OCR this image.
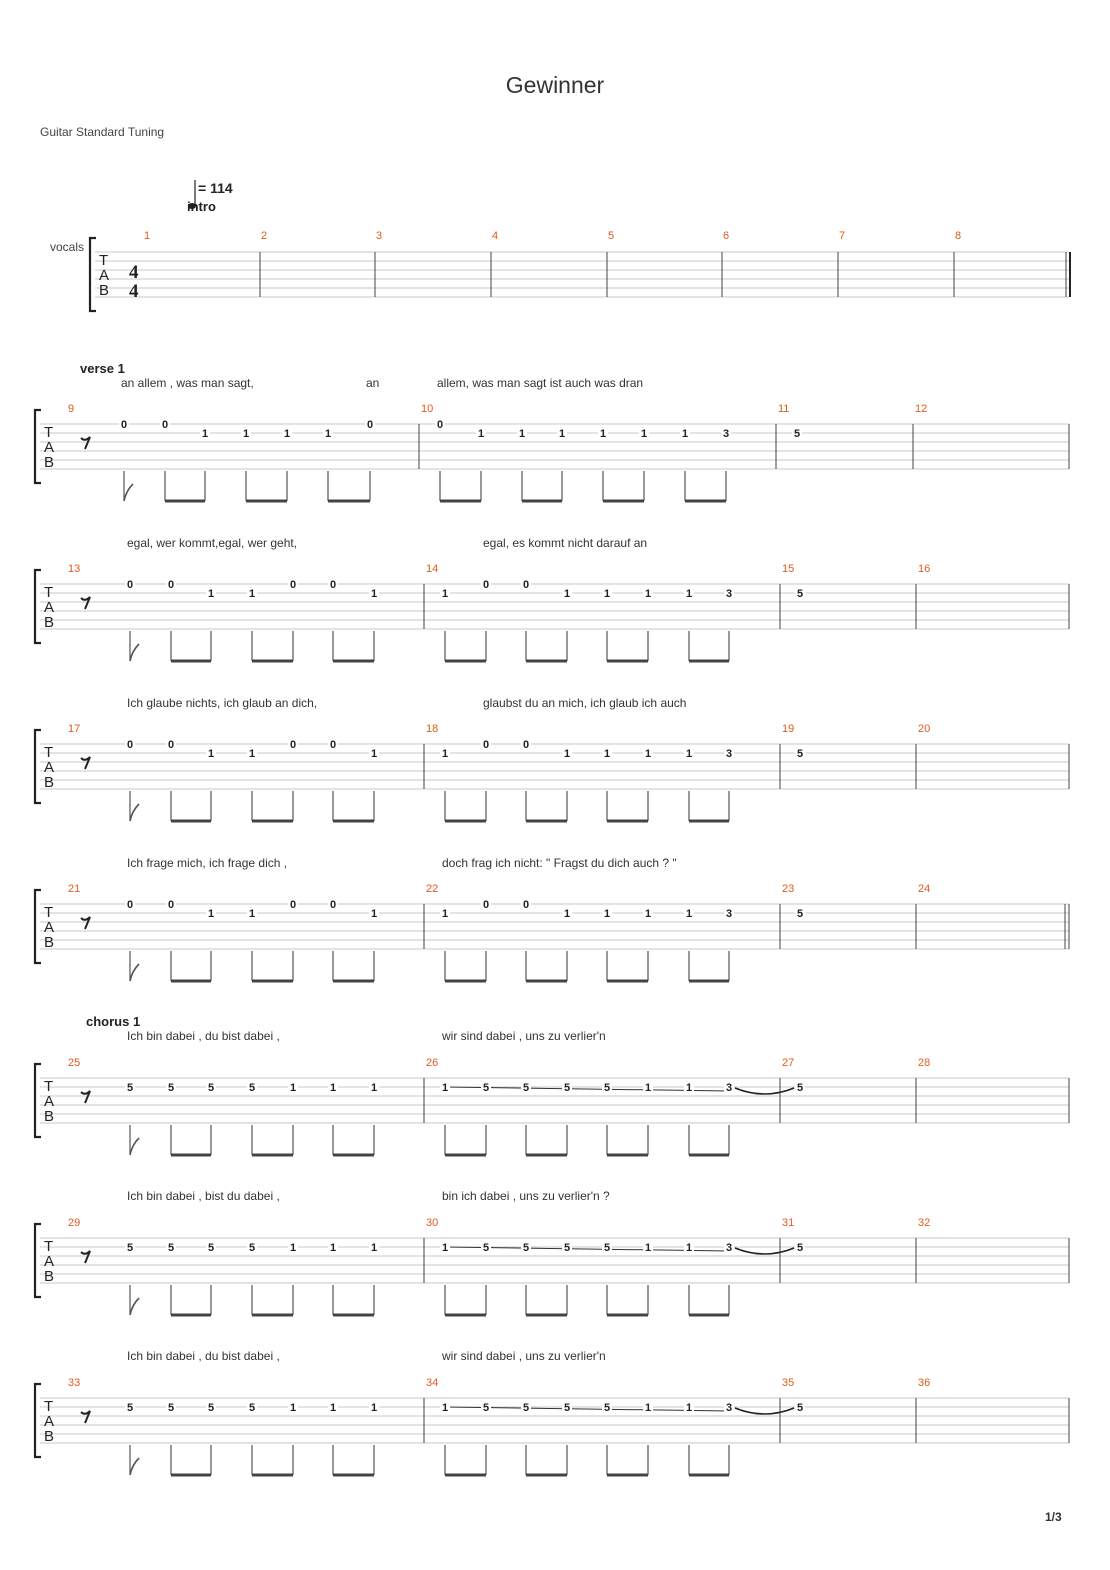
Gewinner
Guitar Standard Tuning
= 114
1/3
T
A
B
intro
vocals
4
4
1	2	3	4	5	6	7	8
T
A
B
0	0
1	1	1	1
0	0
1	1	1	1	1	1	3	5
verse 1
an allem , was man sagt,	an	allem, was man sagt ist auch was dran
9	10	11	12
T
A
B
0	0
1	1
0	0
1	1
0	0
1	1	1	1	3	5
egal, wer kommt,egal, wer geht,	egal, es kommt nicht darauf an
13	14	15	16
T
A
B
0	0
1	1
0	0
1	1
0	0
1	1	1	1	3	5
Ich glaube nichts, ich glaub an dich,	glaubst du an mich, ich glaub ich auch
17	18	19	20
T
A
B
0	0
1	1
0	0
1	1
0	0
1	1	1	1	3	5
Ich frage mich, ich frage dich ,	doch frag ich nicht: " Fragst du dich auch ? "
21	22	23	24
T
A
B
5	5	5	5	1	1	1	1	5	5	5	5	1	1	3	5
chorus 1
Ich bin dabei , du bist dabei ,	wir sind dabei , uns zu verlier'n
25	26	27	28
T
A
B
5	5	5	5	1	1	1	1	5	5	5	5	1	1	3	5
Ich bin dabei , bist du dabei ,	bin ich dabei , uns zu verlier'n ?
29	30	31	32
T
A
B
5	5	5	5	1	1	1	1	5	5	5	5	1	1	3	5
Ich bin dabei , du bist dabei ,	wir sind dabei , uns zu verlier'n
33	34	35	36
